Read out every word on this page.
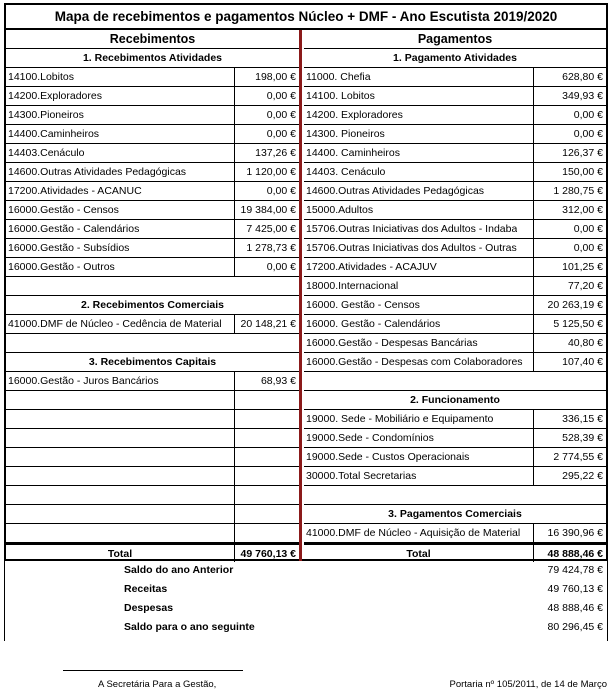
Mapa de recebimentos e pagamentos Núcleo + DMF - Ano Escutista 2019/2020
Recebimentos
1. Recebimentos Atividades
14100.Lobitos	198,00 €
14200.Exploradores	0,00 €
14300.Pioneiros	0,00 €
14400.Caminheiros	0,00 €
14403.Cenáculo	137,26 €
14600.Outras Atividades Pedagógicas	1 120,00 €
17200.Atividades - ACANUC	0,00 €
16000.Gestão - Censos	19 384,00 €
16000.Gestão - Calendários	7 425,00 €
16000.Gestão - Subsídios	1 278,73 €
16000.Gestão - Outros	0,00 €
2. Recebimentos Comerciais
41000.DMF de Núcleo - Cedência de Material	20 148,21 €
3. Recebimentos Capitais
16000.Gestão - Juros Bancários	68,93 €
Total	49 760,13 €
Pagamentos
1. Pagamento Atividades
11000. Chefia	628,80 €
14100. Lobitos	349,93 €
14200. Exploradores	0,00 €
14300. Pioneiros	0,00 €
14400. Caminheiros	126,37 €
14403. Cenáculo	150,00 €
14600.Outras Atividades Pedagógicas	1 280,75 €
15000.Adultos	312,00 €
15706.Outras Iniciativas dos Adultos - Indaba	0,00 €
15706.Outras Iniciativas dos Adultos - Outras	0,00 €
17200.Atividades - ACAJUV	101,25 €
18000.Internacional	77,20 €
16000. Gestão - Censos	20 263,19 €
16000. Gestão - Calendários	5 125,50 €
16000.Gestão - Despesas Bancárias	40,80 €
16000.Gestão - Despesas com Colaboradores	107,40 €
2. Funcionamento
19000. Sede - Mobiliário e Equipamento	336,15 €
19000.Sede - Condomínios	528,39 €
19000.Sede - Custos Operacionais	2 774,55 €
30000.Total Secretarias	295,22 €
3. Pagamentos Comerciais
41000.DMF de Núcleo - Aquisição de Material	16 390,96 €
Total	48 888,46 €
Saldo do ano Anterior	79 424,78 €
Receitas	49 760,13 €
Despesas	48 888,46 €
Saldo para o ano seguinte	80 296,45 €
A Secretária Para a Gestão,	Portaria nº 105/2011, de 14 de Março
